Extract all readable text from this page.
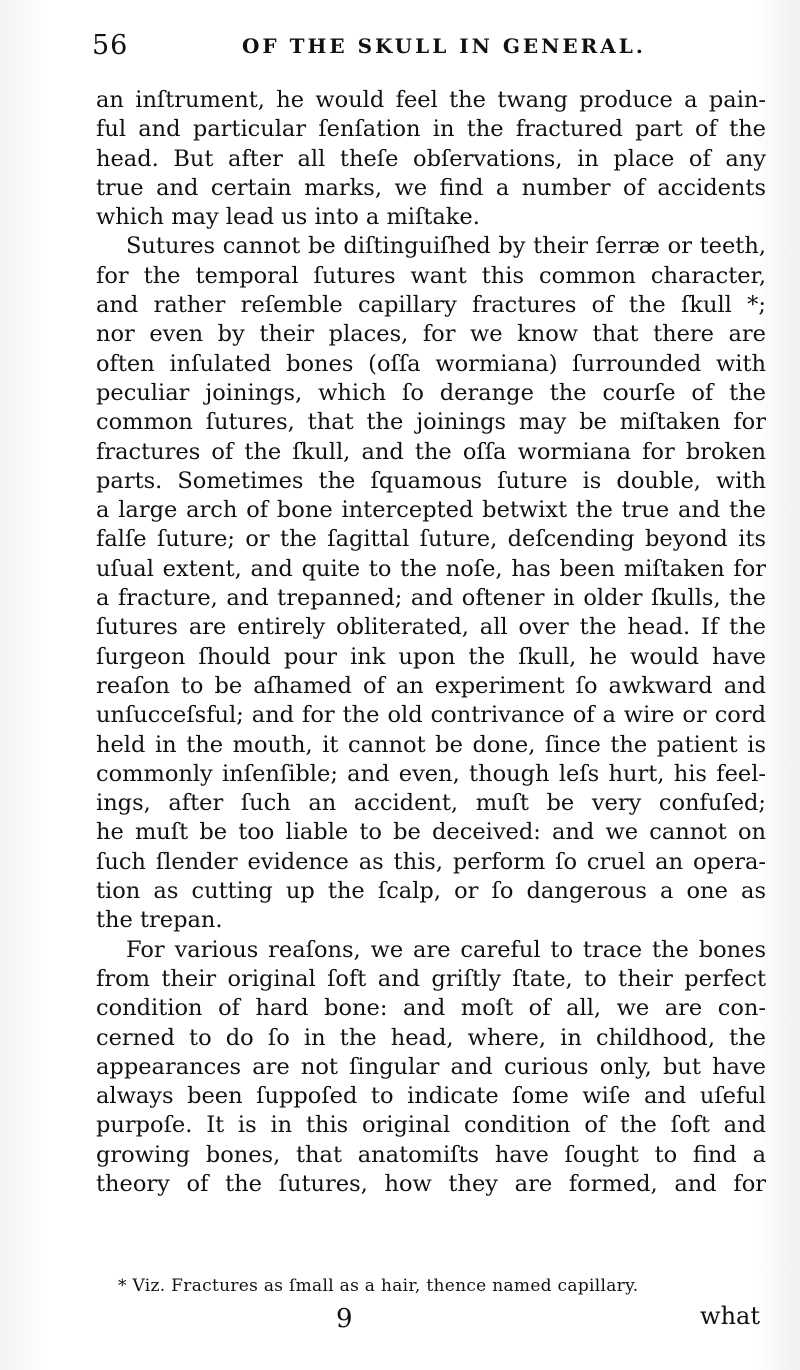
56	OF THE SKULL IN GENERAL.

an inſtrument, he would feel the twang produce a pain-
ful and particular ſenſation in the fractured part of the
head. But after all theſe obſervations, in place of any
true and certain marks, we find a number of accidents
which may lead us into a miſtake.

Sutures cannot be diſtinguiſhed by their ſerræ or teeth,
for the temporal ſutures want this common character,
and rather reſemble capillary fractures of the ſkull *;
nor even by their places, for we know that there are
often inſulated bones (oſſa wormiana) ſurrounded with
peculiar joinings, which ſo derange the courſe of the
common ſutures, that the joinings may be miſtaken for
fractures of the ſkull, and the oſſa wormiana for broken
parts. Sometimes the ſquamous ſuture is double, with
a large arch of bone intercepted betwixt the true and the
falſe ſuture; or the ſagittal ſuture, deſcending beyond its
uſual extent, and quite to the noſe, has been miſtaken for
a fracture, and trepanned; and oftener in older ſkulls, the
ſutures are entirely obliterated, all over the head. If the
ſurgeon ſhould pour ink upon the ſkull, he would have
reaſon to be aſhamed of an experiment ſo awkward and
unſucceſsful; and for the old contrivance of a wire or cord
held in the mouth, it cannot be done, ſince the patient is
commonly inſenſible; and even, though leſs hurt, his feel-
ings, after ſuch an accident, muſt be very confuſed;
he muſt be too liable to be deceived: and we cannot on
ſuch ſlender evidence as this, perform ſo cruel an opera-
tion as cutting up the ſcalp, or ſo dangerous a one as
the trepan.

For various reaſons, we are careful to trace the bones
from their original ſoft and griſtly ſtate, to their perfect
condition of hard bone: and moſt of all, we are con-
cerned to do ſo in the head, where, in childhood, the
appearances are not ſingular and curious only, but have
always been ſuppoſed to indicate ſome wiſe and uſeful
purpoſe. It is in this original condition of the ſoft and
growing bones, that anatomiſts have ſought to find a
theory of the ſutures, how they are formed, and for

* Viz. Fractures as ſmall as a hair, thence named capillary.
9	what
